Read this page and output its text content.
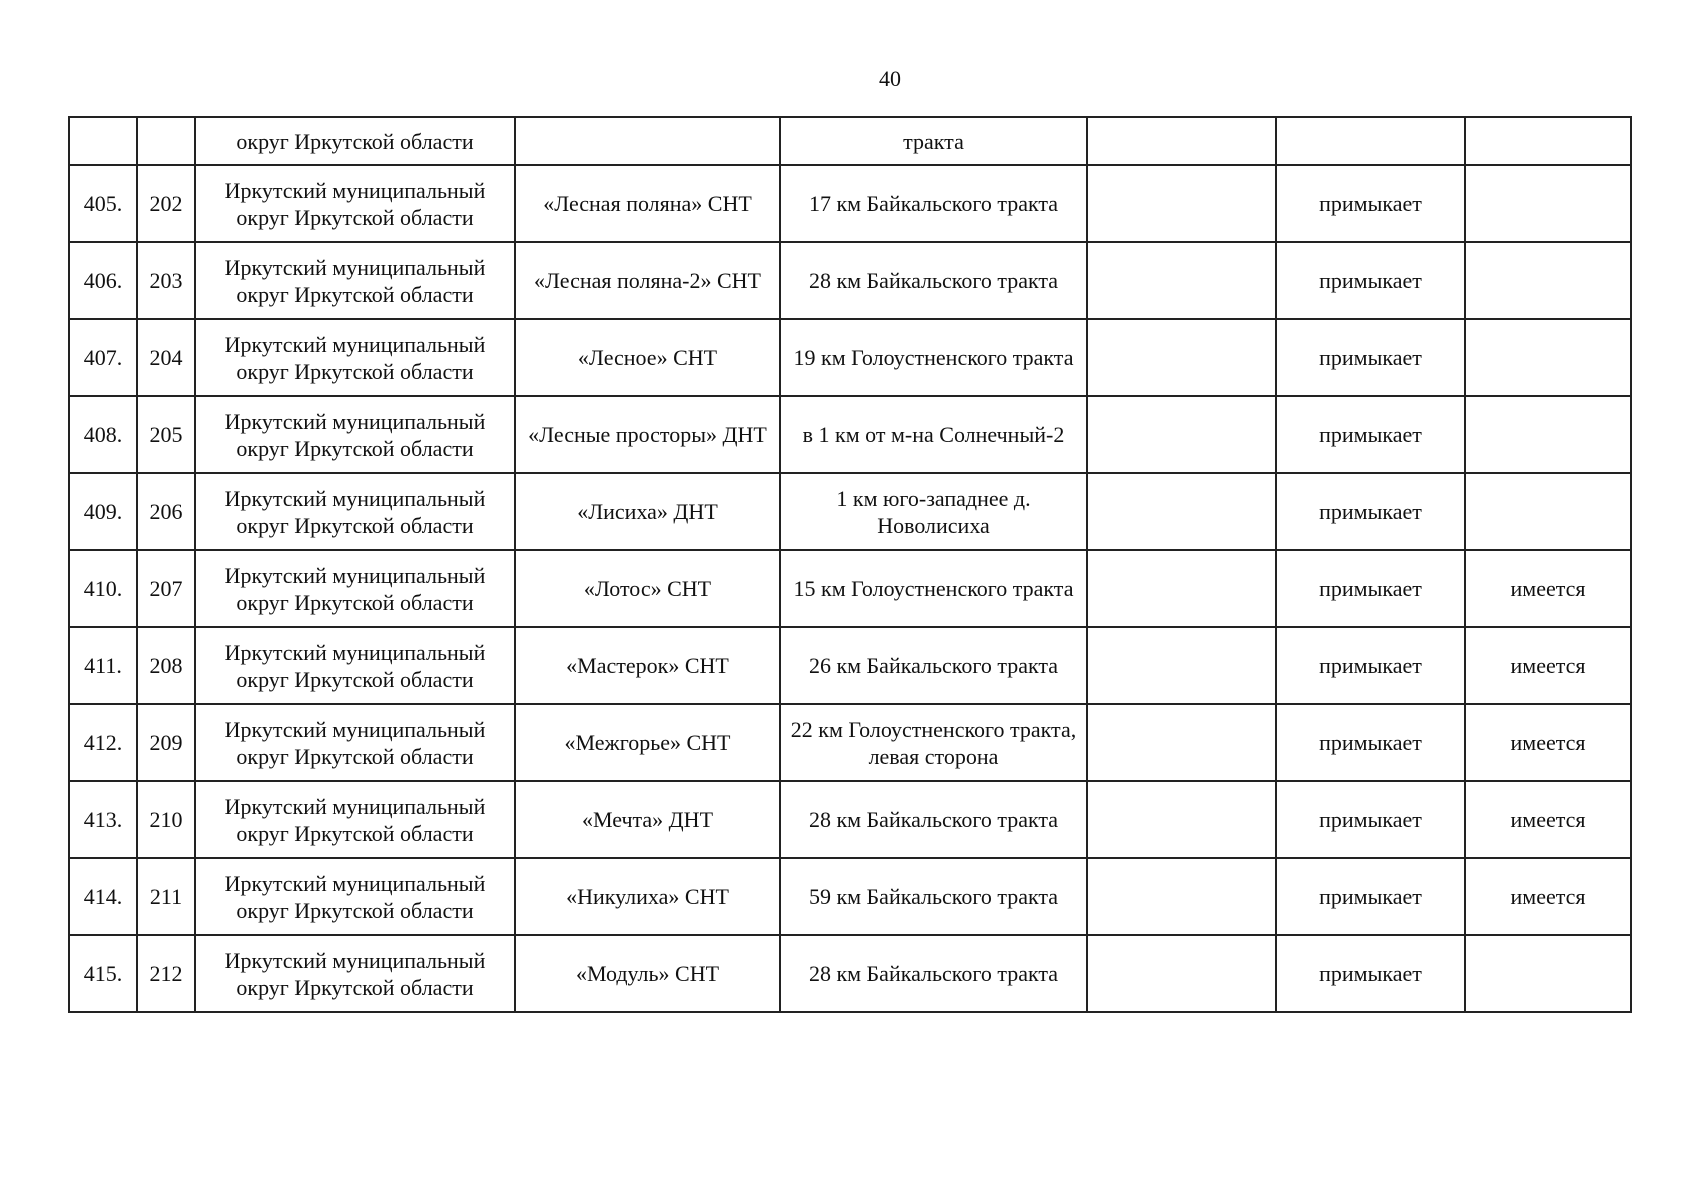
40
		округ Иркутской области		тракта			
405.	202	Иркутский муниципальный округ Иркутской области	«Лесная поляна» СНТ	17 км Байкальского тракта		примыкает	
406.	203	Иркутский муниципальный округ Иркутской области	«Лесная поляна-2» СНТ	28 км Байкальского тракта		примыкает	
407.	204	Иркутский муниципальный округ Иркутской области	«Лесное» СНТ	19 км Голоустненского тракта		примыкает	
408.	205	Иркутский муниципальный округ Иркутской области	«Лесные просторы» ДНТ	в 1 км от м-на Солнечный-2		примыкает	
409.	206	Иркутский муниципальный округ Иркутской области	«Лисиха» ДНТ	1 км юго-западнее д. Новолисиха		примыкает	
410.	207	Иркутский муниципальный округ Иркутской области	«Лотос» СНТ	15 км Голоустненского тракта		примыкает	имеется
411.	208	Иркутский муниципальный округ Иркутской области	«Мастерок» СНТ	26 км Байкальского тракта		примыкает	имеется
412.	209	Иркутский муниципальный округ Иркутской области	«Межгорье» СНТ	22 км Голоустненского тракта, левая сторона		примыкает	имеется
413.	210	Иркутский муниципальный округ Иркутской области	«Мечта» ДНТ	28 км Байкальского тракта		примыкает	имеется
414.	211	Иркутский муниципальный округ Иркутской области	«Никулиха» СНТ	59 км Байкальского тракта		примыкает	имеется
415.	212	Иркутский муниципальный округ Иркутской области	«Модуль» СНТ	28 км Байкальского тракта		примыкает	
